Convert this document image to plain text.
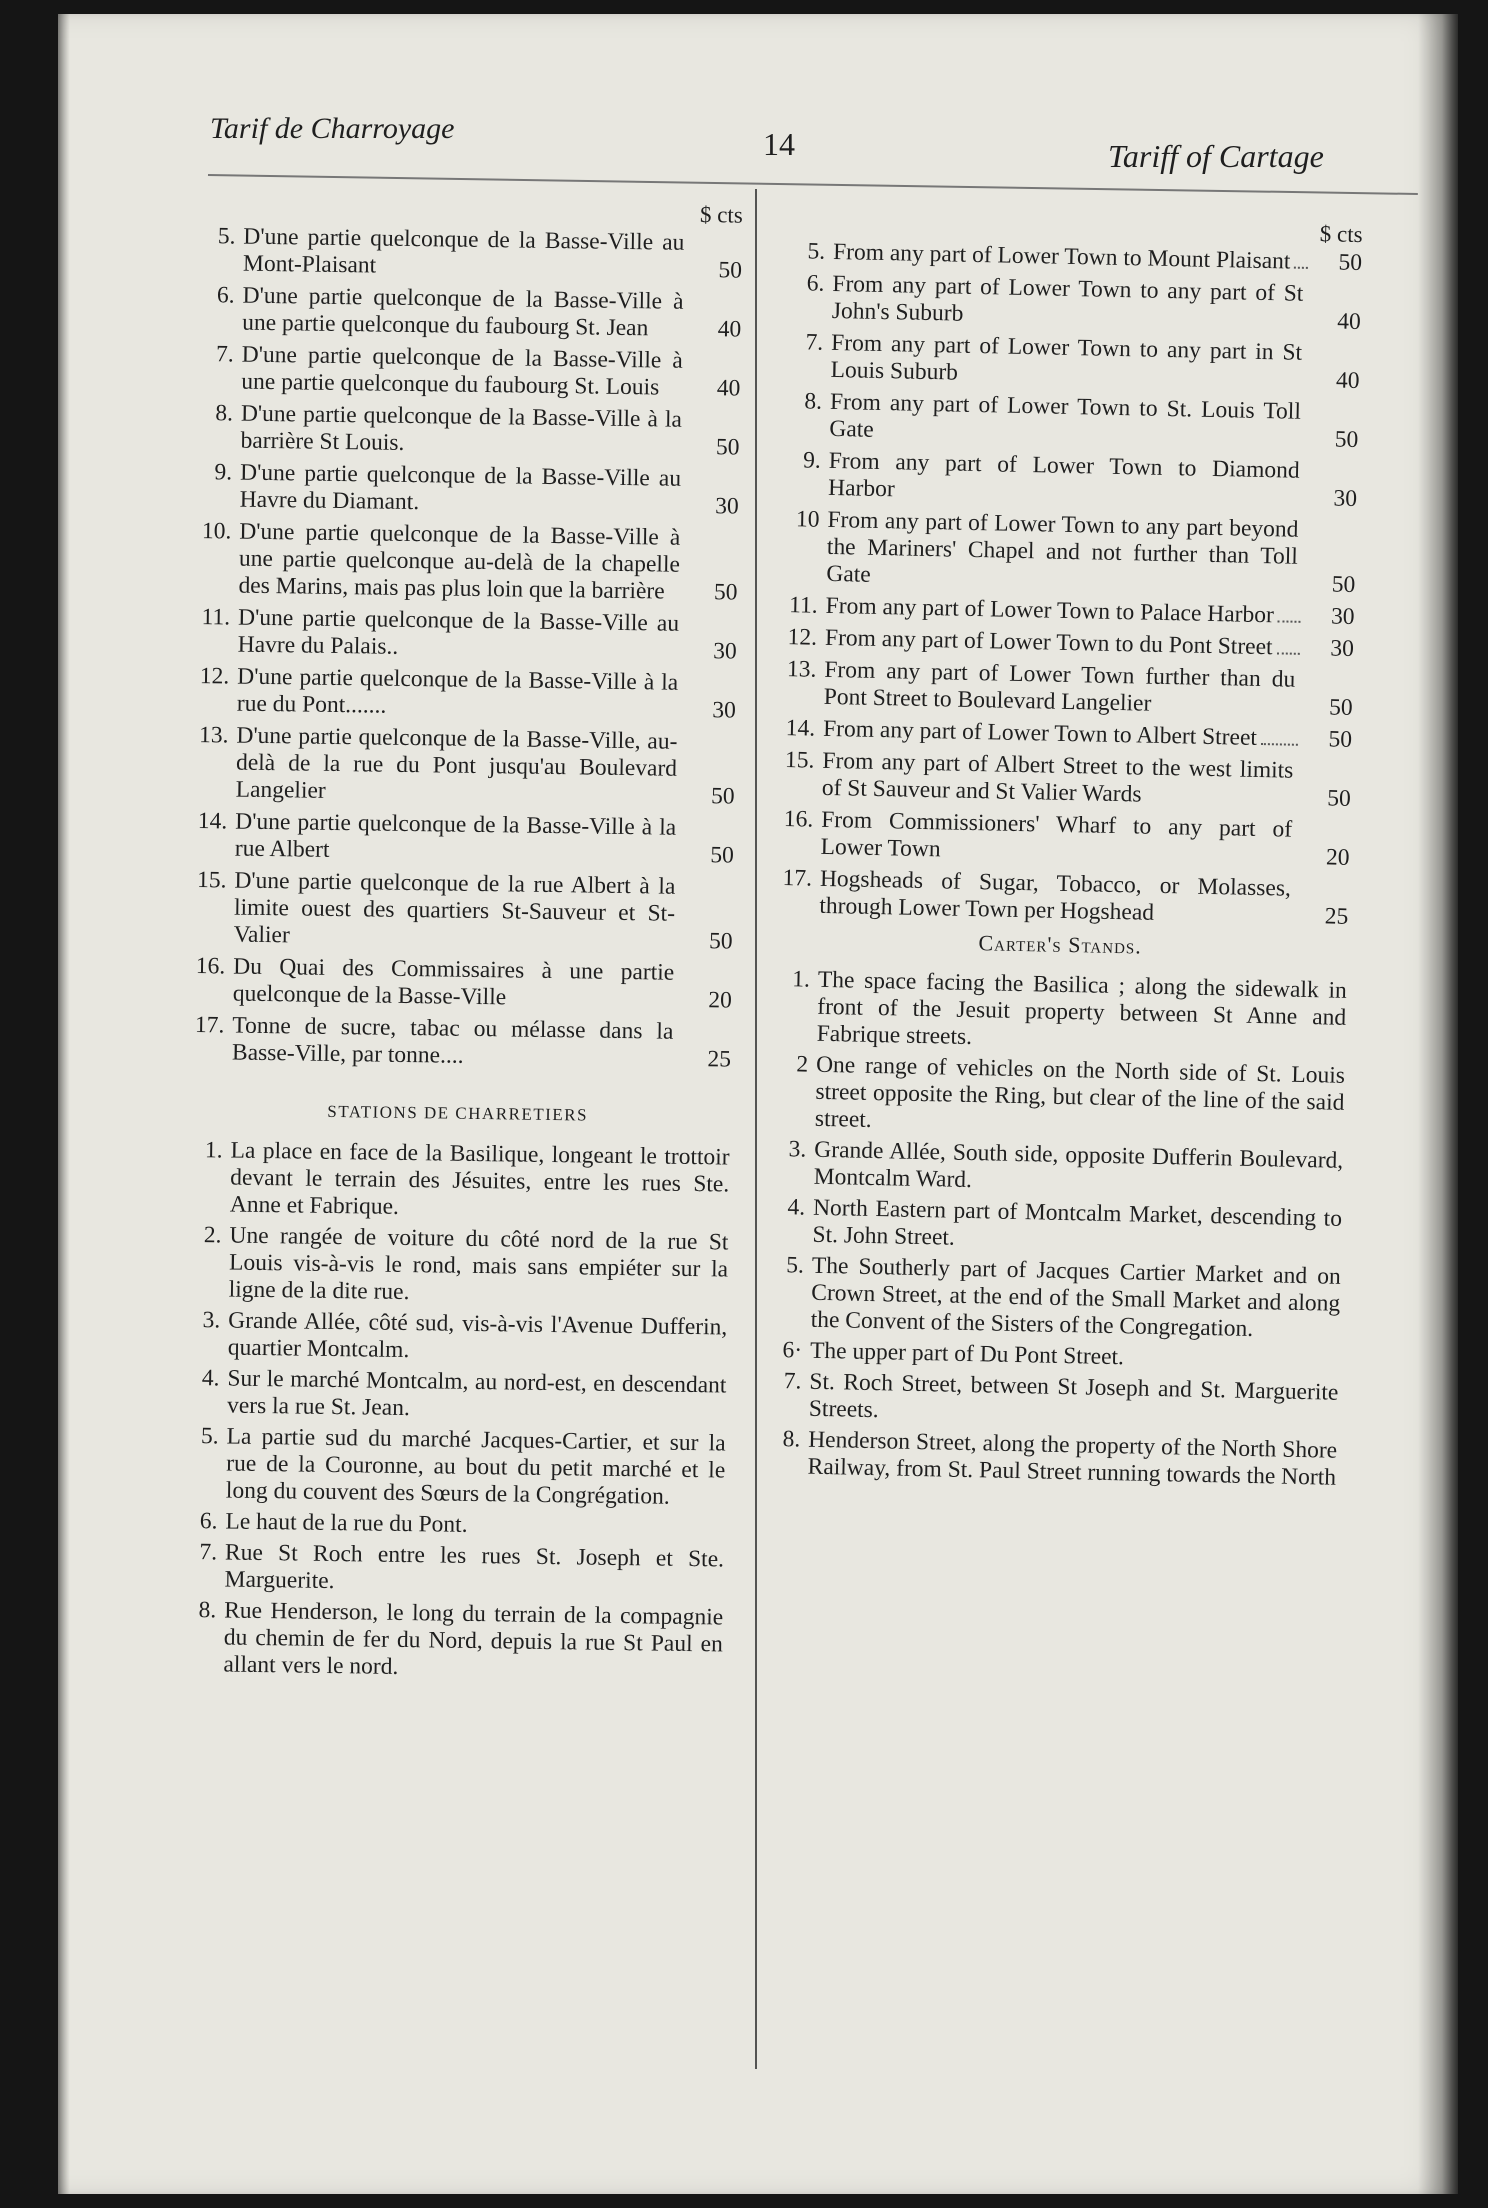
Tarif de Charroyage	14	Tariff of Cartage
$ cts
5. D'une partie quelconque de la Basse-Ville au Mont-Plaisant	50
6. D'une partie quelconque de la Basse-Ville à une partie quelconque du faubourg St. Jean	40
7. D'une partie quelconque de la Basse-Ville à une partie quelconque du faubourg St. Louis	40
8. D'une partie quelconque de la Basse-Ville à la barrière St Louis.	50
9. D'une partie quelconque de la Basse-Ville au Havre du Diamant.	30
10. D'une partie quelconque de la Basse-Ville à une partie quelconque au-delà de la chapelle des Marins, mais pas plus loin que la barrière	50
11. D'une partie quelconque de la Basse-Ville au Havre du Palais..	30
12. D'une partie quelconque de la Basse-Ville à la rue du Pont.......	30
13. D'une partie quelconque de la Basse-Ville, au-delà de la rue du Pont jusqu'au Boulevard Langelier	50
14. D'une partie quelconque de la Basse-Ville à la rue Albert	50
15. D'une partie quelconque de la rue Albert à la limite ouest des quartiers St-Sauveur et St-Valier	50
16. Du Quai des Commissaires à une partie quelconque de la Basse-Ville	20
17. Tonne de sucre, tabac ou mélasse dans la Basse-Ville, par tonne....	25
STATIONS DE CHARRETIERS
1. La place en face de la Basilique, longeant le trottoir devant le terrain des Jésuites, entre les rues Ste. Anne et Fabrique.
2. Une rangée de voiture du côté nord de la rue St Louis vis-à-vis le rond, mais sans empiéter sur la ligne de la dite rue.
3. Grande Allée, côté sud, vis-à-vis l'Avenue Dufferin, quartier Montcalm.
4. Sur le marché Montcalm, au nord-est, en descendant vers la rue St. Jean.
5. La partie sud du marché Jacques-Cartier, et sur la rue de la Couronne, au bout du petit marché et le long du couvent des Sœurs de la Congrégation.
6. Le haut de la rue du Pont.
7. Rue St Roch entre les rues St. Joseph et Ste. Marguerite.
8. Rue Henderson, le long du terrain de la compagnie du chemin de fer du Nord, depuis la rue St Paul en allant vers le nord.
$ cts
5. From any part of Lower Town to Mount Plaisant	50
6. From any part of Lower Town to any part of St John's Suburb	40
7. From any part of Lower Town to any part in St Louis Suburb	40
8. From any part of Lower Town to St. Louis Toll Gate	50
9. From any part of Lower Town to Diamond Harbor	30
10 From any part of Lower Town to any part beyond the Mariners' Chapel and not further than Toll Gate	50
11. From any part of Lower Town to Palace Harbor	30
12. From any part of Lower Town to du Pont Street	30
13. From any part of Lower Town further than du Pont Street to Boulevard Langelier	50
14. From any part of Lower Town to Albert Street	50
15. From any part of Albert Street to the west limits of St Sauveur and St Valier Wards	50
16. From Commissioners' Wharf to any part of Lower Town	20
17. Hogsheads of Sugar, Tobacco, or Molasses, through Lower Town per Hogshead	25
Carter's Stands.
1. The space facing the Basilica ; along the sidewalk in front of the Jesuit property between St Anne and Fabrique streets.
2 One range of vehicles on the North side of St. Louis street opposite the Ring, but clear of the line of the said street.
3. Grande Allée, South side, opposite Dufferin Boulevard, Montcalm Ward.
4. North Eastern part of Montcalm Market, descending to St. John Street.
5. The Southerly part of Jacques Cartier Market and on Crown Street, at the end of the Small Market and along the Convent of the Sisters of the Congregation.
6· The upper part of Du Pont Street.
7. St. Roch Street, between St Joseph and St. Marguerite Streets.
8. Henderson Street, along the property of the North Shore Railway, from St. Paul Street running towards the North
